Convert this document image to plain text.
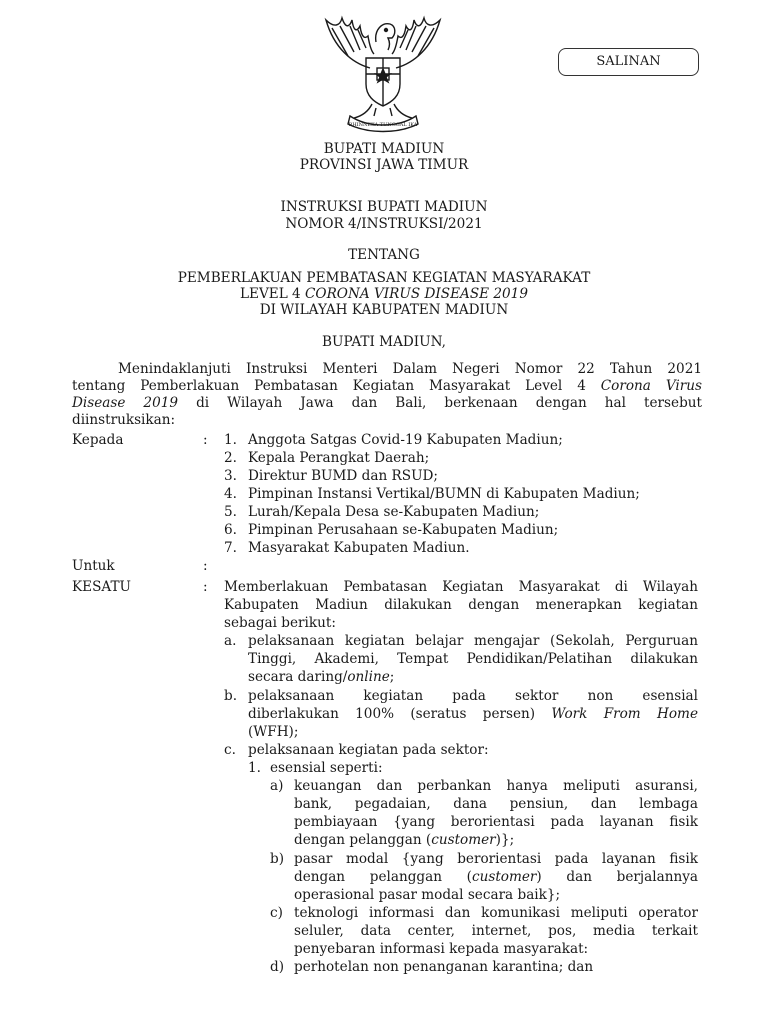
BHINNEKA TUNGGAL IKA
SALINAN
BUPATI MADIUN
PROVINSI JAWA TIMUR
INSTRUKSI BUPATI MADIUN
NOMOR 4/INSTRUKSI/2021
TENTANG
PEMBERLAKUAN PEMBATASAN KEGIATAN MASYARAKAT
LEVEL 4 CORONA VIRUS DISEASE 2019
DI WILAYAH KABUPATEN MADIUN
BUPATI MADIUN,
Menindaklanjuti Instruksi Menteri Dalam Negeri Nomor 22 Tahun 2021
tentang Pemberlakuan Pembatasan Kegiatan Masyarakat Level 4 Corona Virus
Disease 2019 di Wilayah Jawa dan Bali, berkenaan dengan hal tersebut
diinstruksikan:
Kepada	: 1. Anggota Satgas Covid-19 Kabupaten Madiun;
2. Kepala Perangkat Daerah;
3. Direktur BUMD dan RSUD;
4. Pimpinan Instansi Vertikal/BUMN di Kabupaten Madiun;
5. Lurah/Kepala Desa se-Kabupaten Madiun;
6. Pimpinan Perusahaan se-Kabupaten Madiun;
7. Masyarakat Kabupaten Madiun.
Untuk	:
KESATU	: Memberlakuan Pembatasan Kegiatan Masyarakat di Wilayah
Kabupaten Madiun dilakukan dengan menerapkan kegiatan
sebagai berikut:
a. pelaksanaan kegiatan belajar mengajar (Sekolah, Perguruan
Tinggi, Akademi, Tempat Pendidikan/Pelatihan dilakukan
secara daring/online;
b. pelaksanaan kegiatan pada sektor non esensial
diberlakukan 100% (seratus persen) Work From Home
(WFH);
c. pelaksanaan kegiatan pada sektor:
1. esensial seperti:
a) keuangan dan perbankan hanya meliputi asuransi,
bank, pegadaian, dana pensiun, dan lembaga
pembiayaan {yang berorientasi pada layanan fisik
dengan pelanggan (customer)};
b) pasar modal {yang berorientasi pada layanan fisik
dengan pelanggan (customer) dan berjalannya
operasional pasar modal secara baik};
c) teknologi informasi dan komunikasi meliputi operator
seluler, data center, internet, pos, media terkait
penyebaran informasi kepada masyarakat:
d) perhotelan non penanganan karantina; dan
